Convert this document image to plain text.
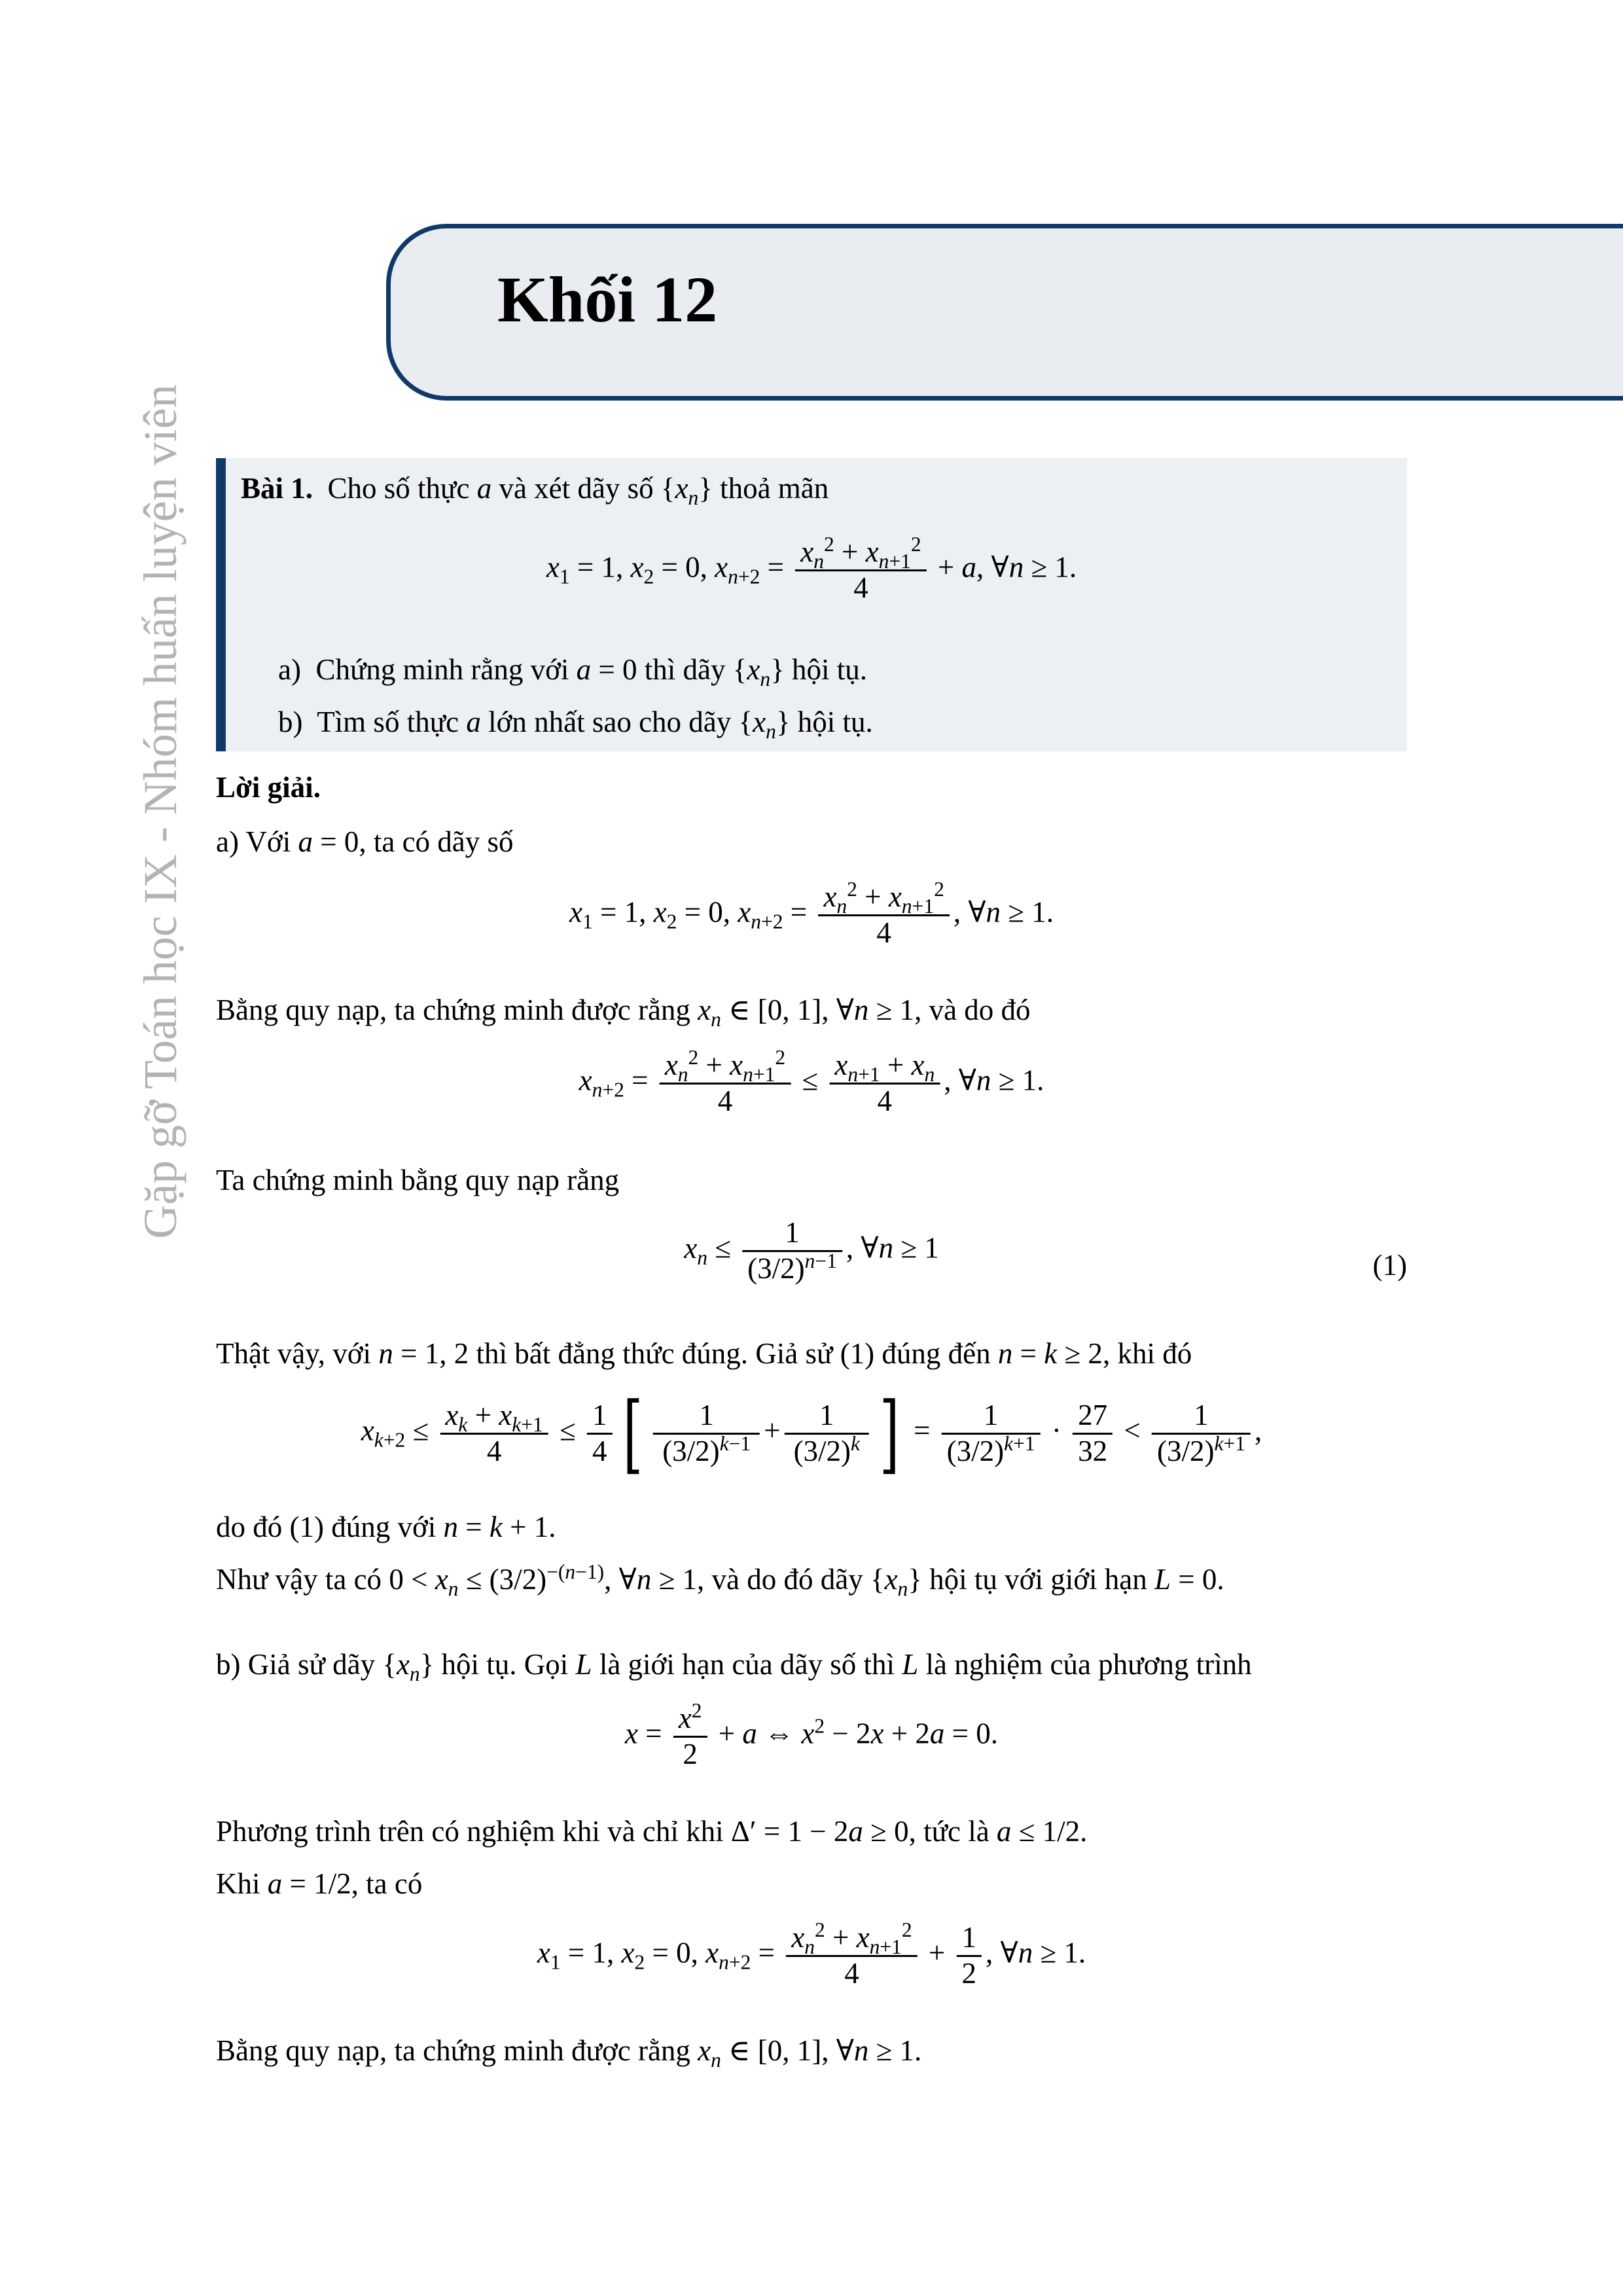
Khối 12
Gặp gỡ Toán học IX - Nhóm huấn luyện viên Bài 1. Cho số thực a và xét dãy số $\{x_n\}$ thoả mãn
$x_1 = 1$, $x_2 = 0$, $x_{n+2} = \frac{x_n^2 + x_{n+1}^2}{4} + a$, ∀n ≥ 1.
a) Chứng minh rằng với a = 0 thì dãy $\{x_n\}$ hội tụ.
b) Tìm số thực a lớn nhất sao cho dãy $\{x_n\}$ hội tụ.
Lời giải.
a) Với a = 0, ta có dãy số
$x_1 = 1$, $x_2 = 0$, $x_{n+2} = \frac{x_n^2 + x_{n+1}^2}{4}$ , ∀n ≥ 1.
Bằng quy nạp, ta chứng minh được rằng $x_n$ ∈ [0, 1], ∀n ≥ 1, và do đó
$x_{n+2} = \frac{x_n^2 + x_{n+1}^2}{4} \le \frac{x_{n+1} + x_n}{4}$ , ∀n ≥ 1.
Ta chứng minh bằng quy nạp rằng
$x_n \le \frac{1}{(3/2)^{n-1}}$ , ∀n ≥ 1
(1)
Thật vậy, với n = 1, 2 thì bất đẳng thức đúng. Giả sử (1) đúng đến n = k ≥ 2, khi đó
$x_{k+2} \le \frac{x_k + x_{k+1}}{4} \le \frac{1}{4}$ [ $\frac{1}{(3/2)^{k-1}} + \frac{1}{(3/2)^k}$ ] = $\frac{1}{(3/2)^{k+1}} \cdot \frac{27}{32} < \frac{1}{(3/2)^{k+1}}$ ,
do đó (1) đúng với n = k + 1.
Như vậy ta có $0 < x_n \le (3/2)^{-(n-1)}$, ∀n ≥ 1, và do đó dãy $\{x_n\}$ hội tụ với giới hạn L = 0.
b) Giả sử dãy $\{x_n\}$ hội tụ. Gọi L là giới hạn của dãy số thì L là nghiệm của phương trình
$x = \frac{x^2}{2} + a$ ⇔ $x^2 - 2x + 2a = 0$.
Phương trình trên có nghiệm khi và chỉ khi Δ′ = 1 − 2a ≥ 0, tức là a ≤ 1/2.
Khi a = 1/2, ta có
$x_1 = 1$, $x_2 = 0$, $x_{n+2} = \frac{x_n^2 + x_{n+1}^2}{4} + \frac{1}{2}$ , ∀n ≥ 1.
Bằng quy nạp, ta chứng minh được rằng $x_n$ ∈ [0, 1], ∀n ≥ 1.
